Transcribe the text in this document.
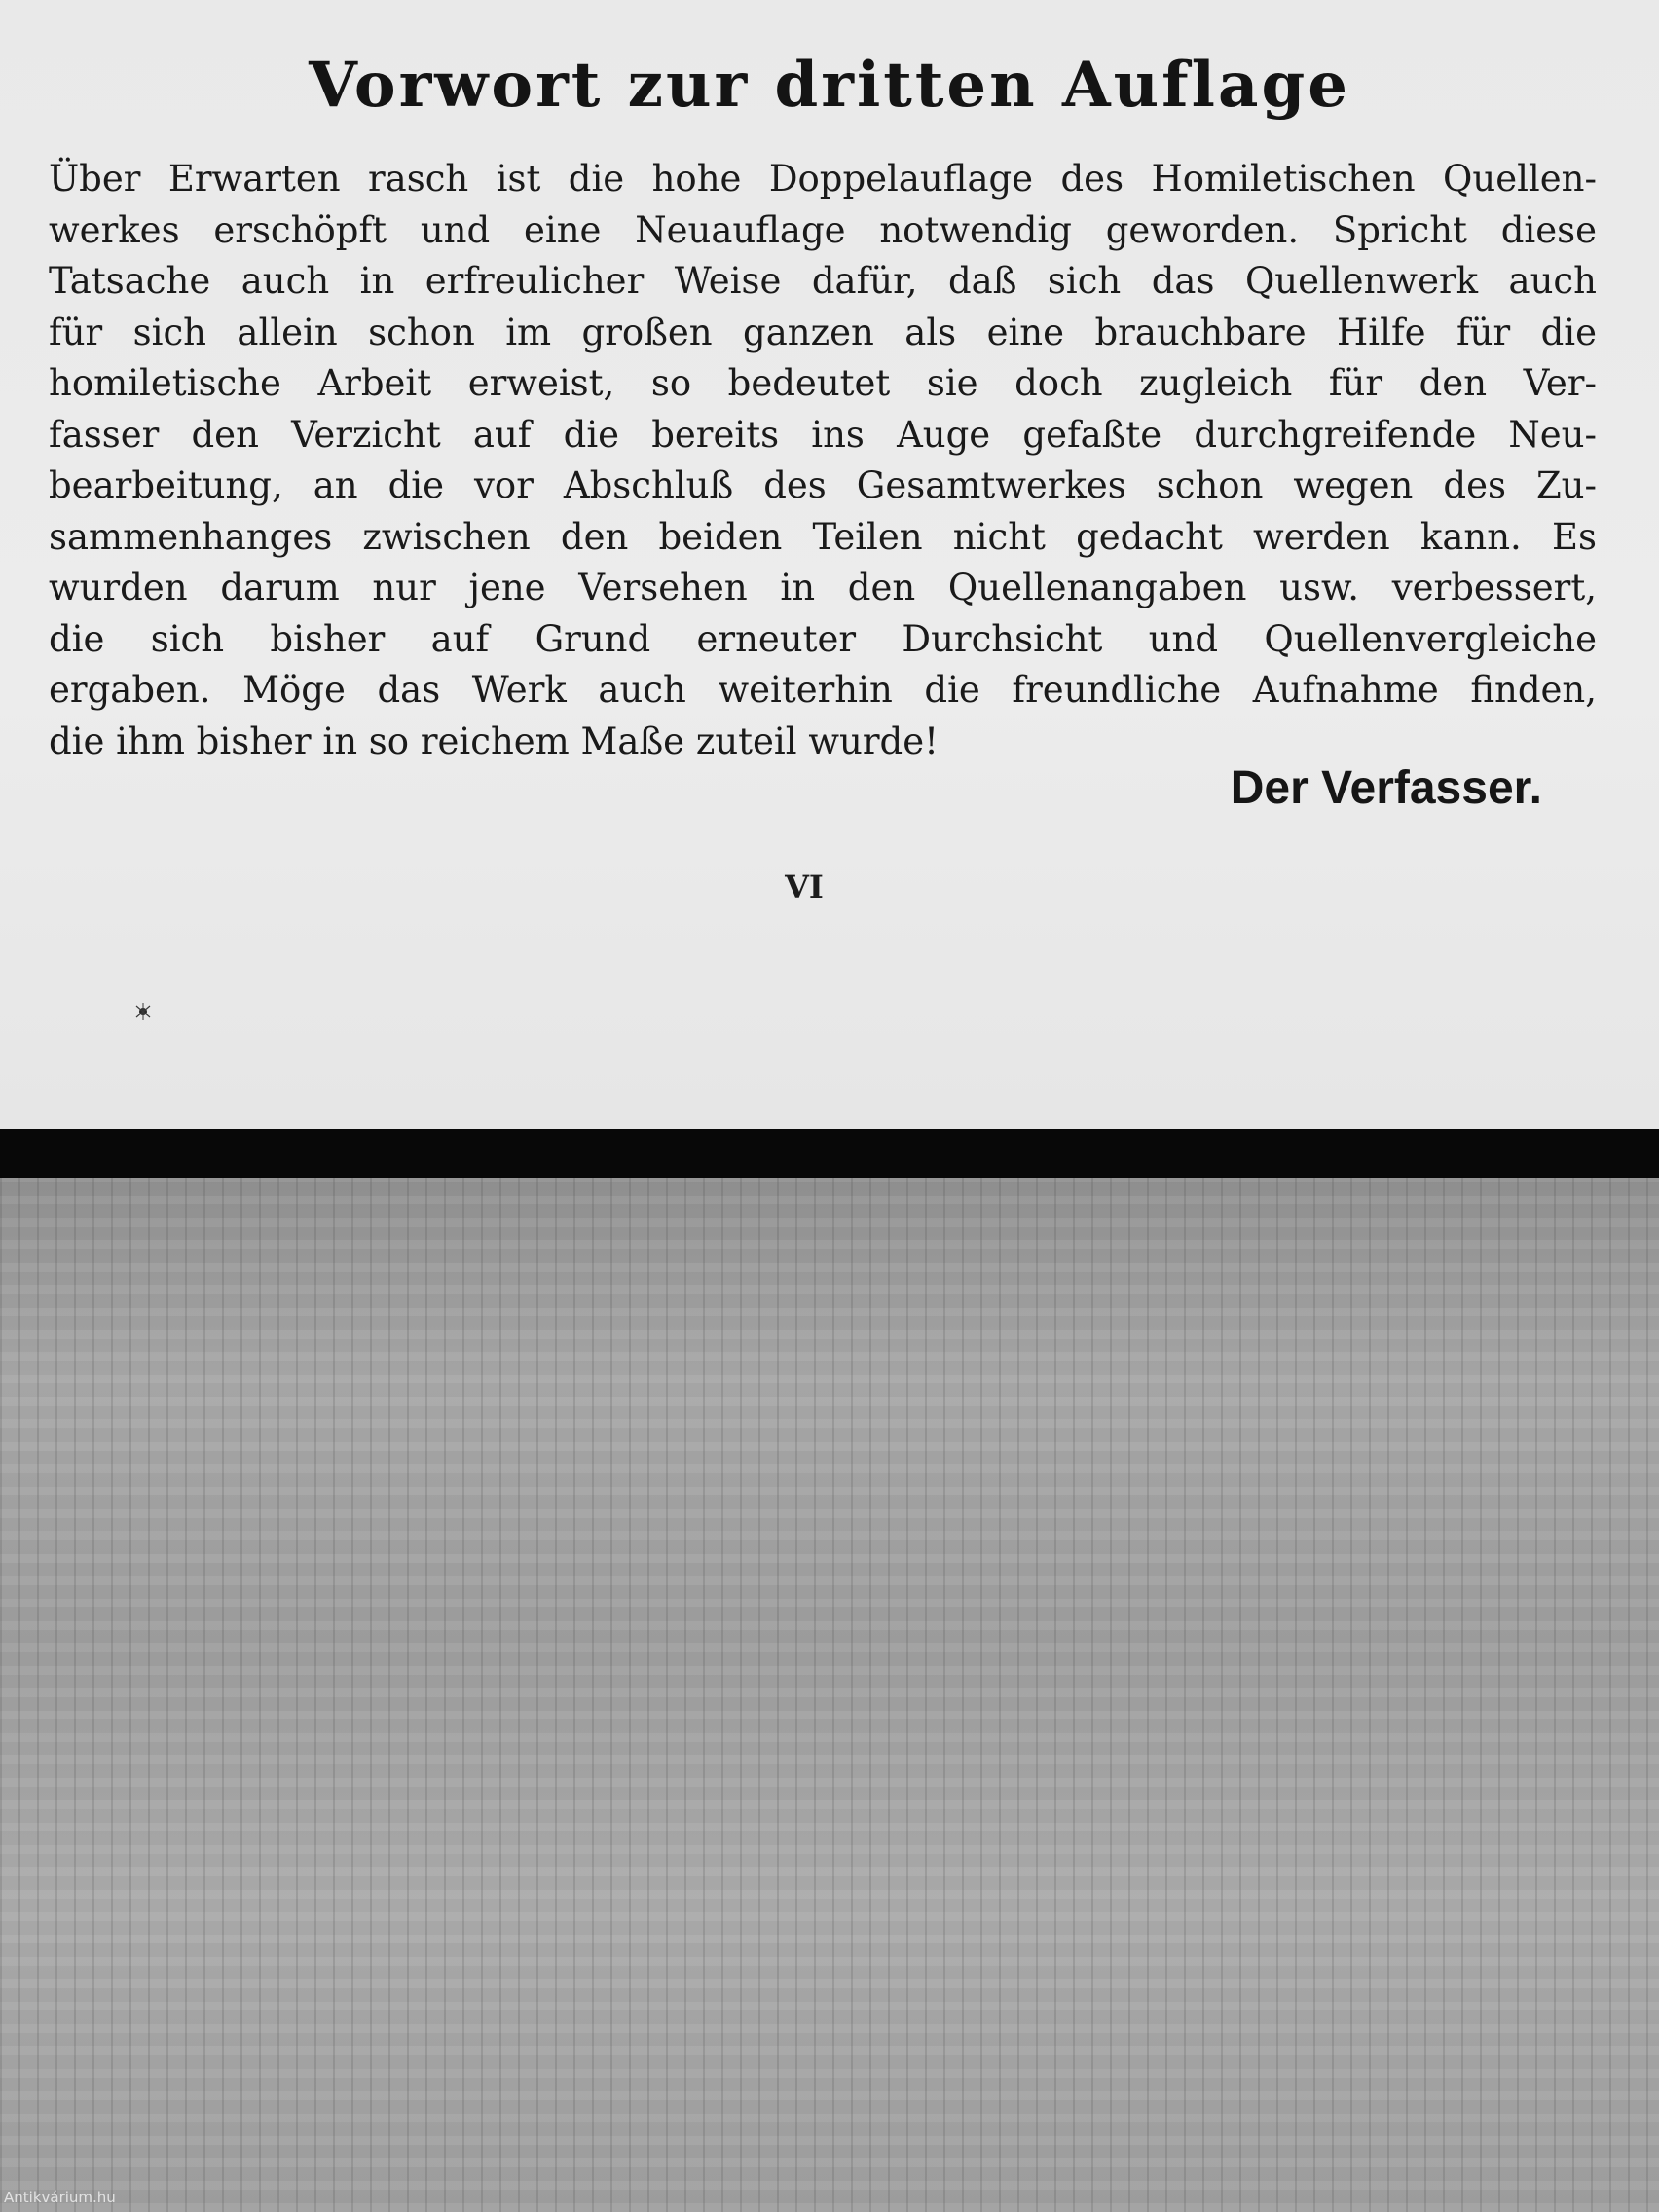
Vorwort zur dritten Auflage
Über Erwarten rasch ist die hohe Doppelauflage des Homiletischen Quellen-
werkes erschöpft und eine Neuauflage notwendig geworden. Spricht diese
Tatsache auch in erfreulicher Weise dafür, daß sich das Quellenwerk auch
für sich allein schon im großen ganzen als eine brauchbare Hilfe für die
homiletische Arbeit erweist, so bedeutet sie doch zugleich für den Ver-
fasser den Verzicht auf die bereits ins Auge gefaßte durchgreifende Neu-
bearbeitung, an die vor Abschluß des Gesamtwerkes schon wegen des Zu-
sammenhanges zwischen den beiden Teilen nicht gedacht werden kann. Es
wurden darum nur jene Versehen in den Quellenangaben usw. verbessert,
die sich bisher auf Grund erneuter Durchsicht und Quellenvergleiche
ergaben. Möge das Werk auch weiterhin die freundliche Aufnahme finden,
die ihm bisher in so reichem Maße zuteil wurde!
Der Verfasser.
VI
Antikvárium.hu
